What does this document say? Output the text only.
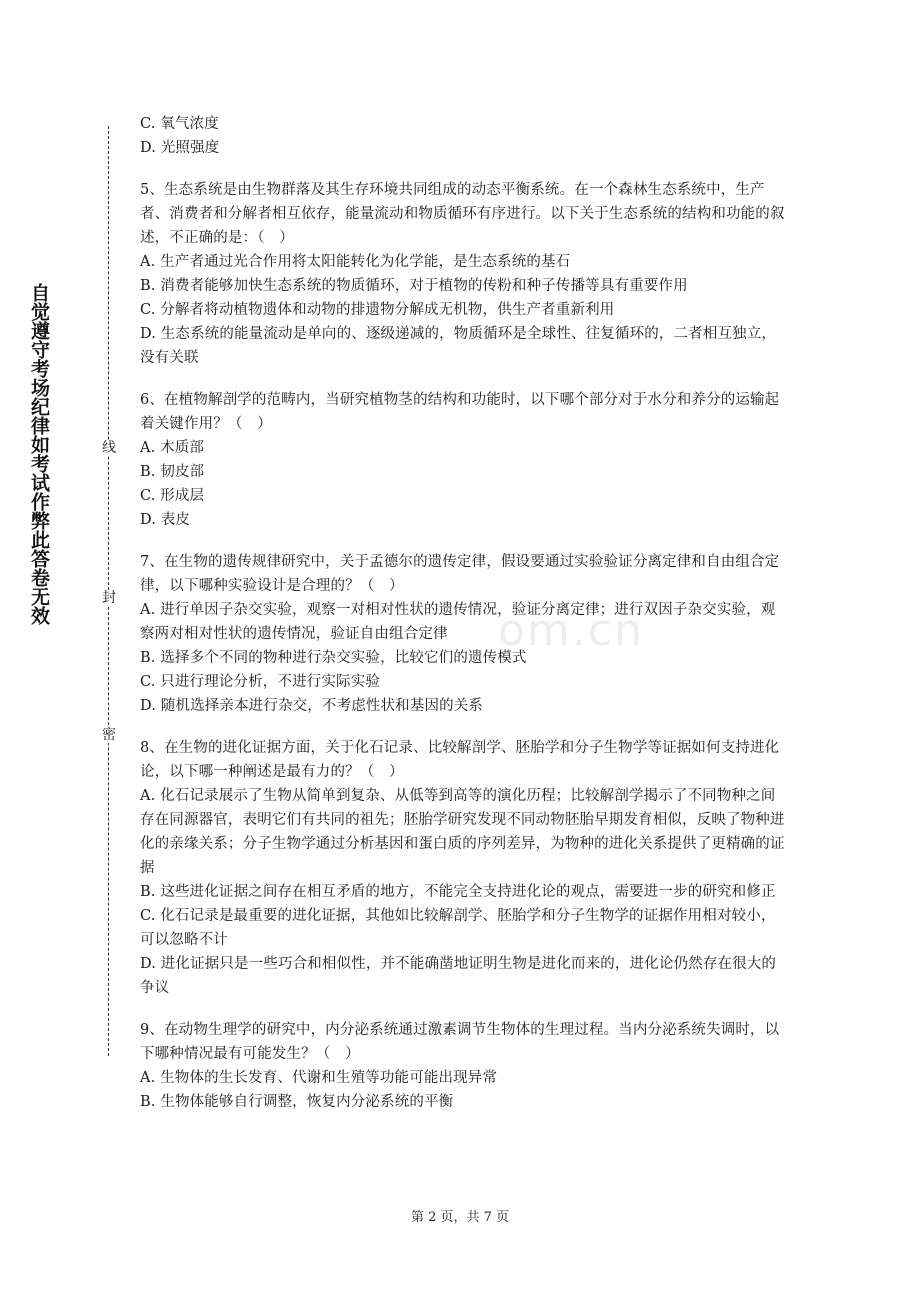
自觉遵守考场纪律如考试作弊此答卷无效	线
封
密
om.cn

C. 氧气浓度

D. 光照强度

5、生态系统是由生物群落及其生存环境共同组成的动态平衡系统。在一个森林生态系统中，生产者、消费者和分解者相互依存，能量流动和物质循环有序进行。以下关于生态系统的结构和功能的叙述，不正确的是：（　）

A. 生产者通过光合作用将太阳能转化为化学能，是生态系统的基石

B. 消费者能够加快生态系统的物质循环，对于植物的传粉和种子传播等具有重要作用

C. 分解者将动植物遗体和动物的排遗物分解成无机物，供生产者重新利用

D. 生态系统的能量流动是单向的、逐级递减的，物质循环是全球性、往复循环的，二者相互独立，没有关联

6、在植物解剖学的范畴内，当研究植物茎的结构和功能时，以下哪个部分对于水分和养分的运输起着关键作用？（　）

A. 木质部

B. 韧皮部

C. 形成层

D. 表皮

7、在生物的遗传规律研究中，关于孟德尔的遗传定律，假设要通过实验验证分离定律和自由组合定律，以下哪种实验设计是合理的？（　）

A. 进行单因子杂交实验，观察一对相对性状的遗传情况，验证分离定律；进行双因子杂交实验，观察两对相对性状的遗传情况，验证自由组合定律

B. 选择多个不同的物种进行杂交实验，比较它们的遗传模式

C. 只进行理论分析，不进行实际实验

D. 随机选择亲本进行杂交，不考虑性状和基因的关系

8、在生物的进化证据方面，关于化石记录、比较解剖学、胚胎学和分子生物学等证据如何支持进化论，以下哪一种阐述是最有力的？（　）

A. 化石记录展示了生物从简单到复杂、从低等到高等的演化历程；比较解剖学揭示了不同物种之间存在同源器官，表明它们有共同的祖先；胚胎学研究发现不同动物胚胎早期发育相似，反映了物种进化的亲缘关系；分子生物学通过分析基因和蛋白质的序列差异，为物种的进化关系提供了更精确的证据

B. 这些进化证据之间存在相互矛盾的地方，不能完全支持进化论的观点，需要进一步的研究和修正

C. 化石记录是最重要的进化证据，其他如比较解剖学、胚胎学和分子生物学的证据作用相对较小，可以忽略不计

D. 进化证据只是一些巧合和相似性，并不能确凿地证明生物是进化而来的，进化论仍然存在很大的争议

9、在动物生理学的研究中，内分泌系统通过激素调节生物体的生理过程。当内分泌系统失调时，以下哪种情况最有可能发生？（　）

A. 生物体的生长发育、代谢和生殖等功能可能出现异常

B. 生物体能够自行调整，恢复内分泌系统的平衡

第 2 页，共 7 页
